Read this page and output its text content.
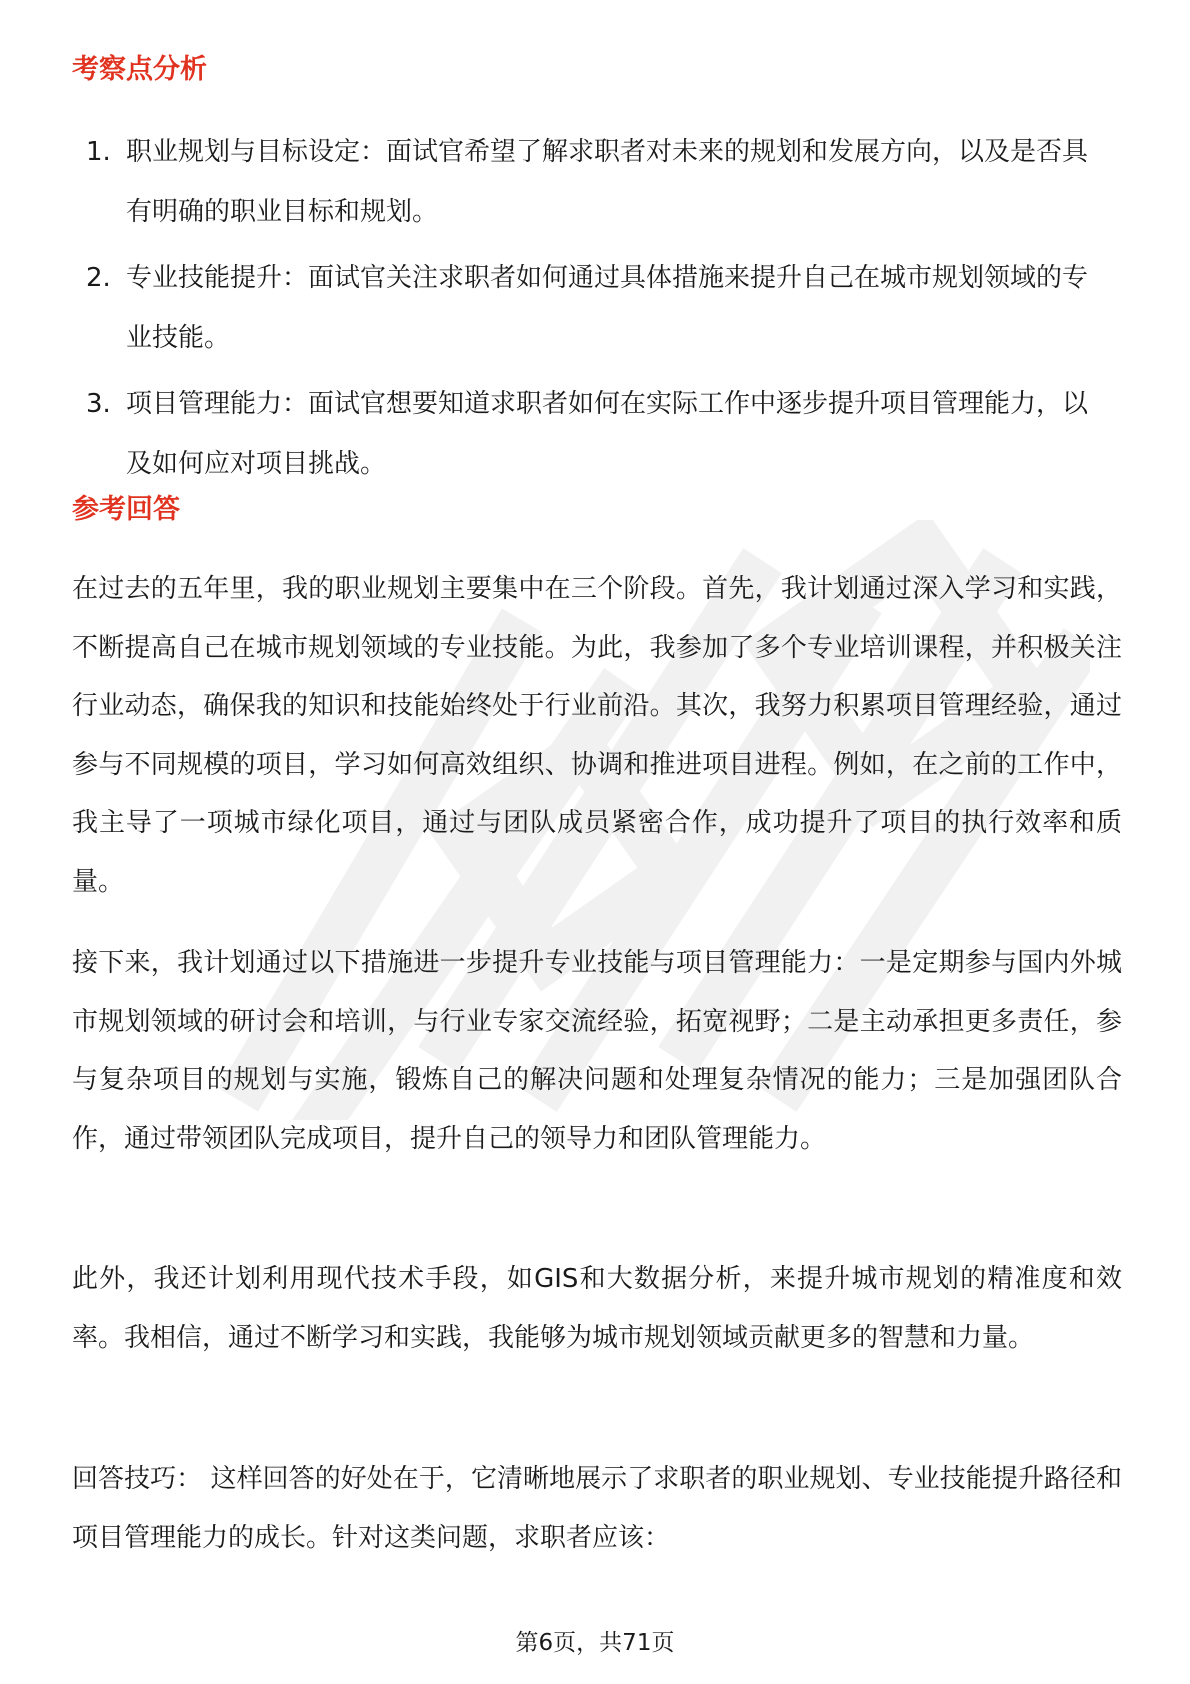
考察点分析
1. 职业规划与目标设定：面试官希望了解求职者对未来的规划和发展方向，以及是否具有明确的职业目标和规划。
2. 专业技能提升：面试官关注求职者如何通过具体措施来提升自己在城市规划领域的专业技能。
3. 项目管理能力：面试官想要知道求职者如何在实际工作中逐步提升项目管理能力，以及如何应对项目挑战。
参考回答

在过去的五年里，我的职业规划主要集中在三个阶段。首先，我计划通过深入学习和实践，不断提高自己在城市规划领域的专业技能。为此，我参加了多个专业培训课程，并积极关注行业动态，确保我的知识和技能始终处于行业前沿。其次，我努力积累项目管理经验，通过参与不同规模的项目，学习如何高效组织、协调和推进项目进程。例如，在之前的工作中，我主导了一项城市绿化项目，通过与团队成员紧密合作，成功提升了项目的执行效率和质量。

接下来，我计划通过以下措施进一步提升专业技能与项目管理能力：一是定期参与国内外城市规划领域的研讨会和培训，与行业专家交流经验，拓宽视野；二是主动承担更多责任，参与复杂项目的规划与实施，锻炼自己的解决问题和处理复杂情况的能力；三是加强团队合作，通过带领团队完成项目，提升自己的领导力和团队管理能力。

此外，我还计划利用现代技术手段，如GIS和大数据分析，来提升城市规划的精准度和效率。我相信，通过不断学习和实践，我能够为城市规划领域贡献更多的智慧和力量。

回答技巧： 这样回答的好处在于，它清晰地展示了求职者的职业规划、专业技能提升路径和项目管理能力的成长。针对这类问题，求职者应该：

第6页，共71页
